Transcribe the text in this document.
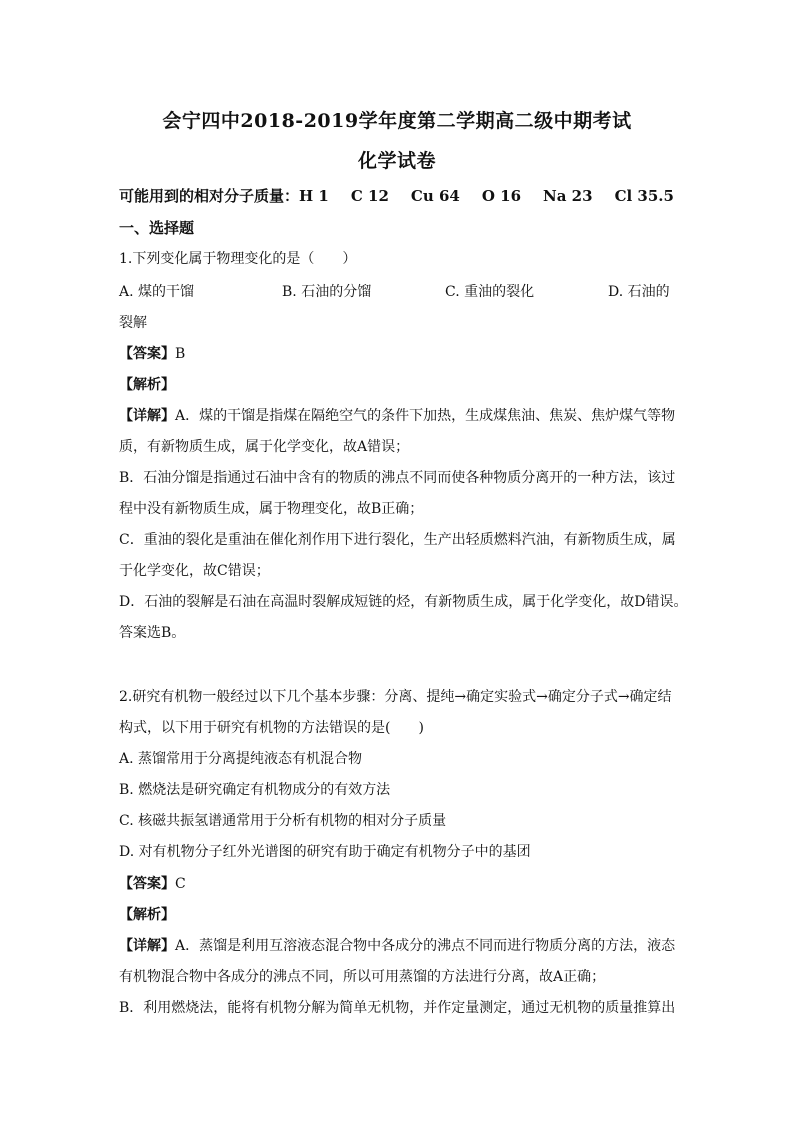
会宁四中2018-2019学年度第二学期高二级中期考试
化学试卷
可能用到的相对分子质量：H 1 C 12 Cu 64 O 16 Na 23 Cl 35.5
一、选择题
1.下列变化属于物理变化的是（　　）
A. 煤的干馏	B. 石油的分馏	C. 重油的裂化	D. 石油的
裂解
【答案】B
【解析】
【详解】A．煤的干馏是指煤在隔绝空气的条件下加热，生成煤焦油、焦炭、焦炉煤气等物
质，有新物质生成，属于化学变化，故A错误；
B．石油分馏是指通过石油中含有的物质的沸点不同而使各种物质分离开的一种方法，该过
程中没有新物质生成，属于物理变化，故B正确；
C．重油的裂化是重油在催化剂作用下进行裂化，生产出轻质燃料汽油，有新物质生成，属
于化学变化，故C错误；
D．石油的裂解是石油在高温时裂解成短链的烃，有新物质生成，属于化学变化，故D错误。
答案选B。
2.研究有机物一般经过以下几个基本步骤：分离、提纯→确定实验式→确定分子式→确定结
构式，以下用于研究有机物的方法错误的是(　　)
A. 蒸馏常用于分离提纯液态有机混合物
B. 燃烧法是研究确定有机物成分的有效方法
C. 核磁共振氢谱通常用于分析有机物的相对分子质量
D. 对有机物分子红外光谱图的研究有助于确定有机物分子中的基团
【答案】C
【解析】
【详解】A．蒸馏是利用互溶液态混合物中各成分的沸点不同而进行物质分离的方法，液态
有机物混合物中各成分的沸点不同，所以可用蒸馏的方法进行分离，故A正确；
B．利用燃烧法，能将有机物分解为简单无机物，并作定量测定，通过无机物的质量推算出
